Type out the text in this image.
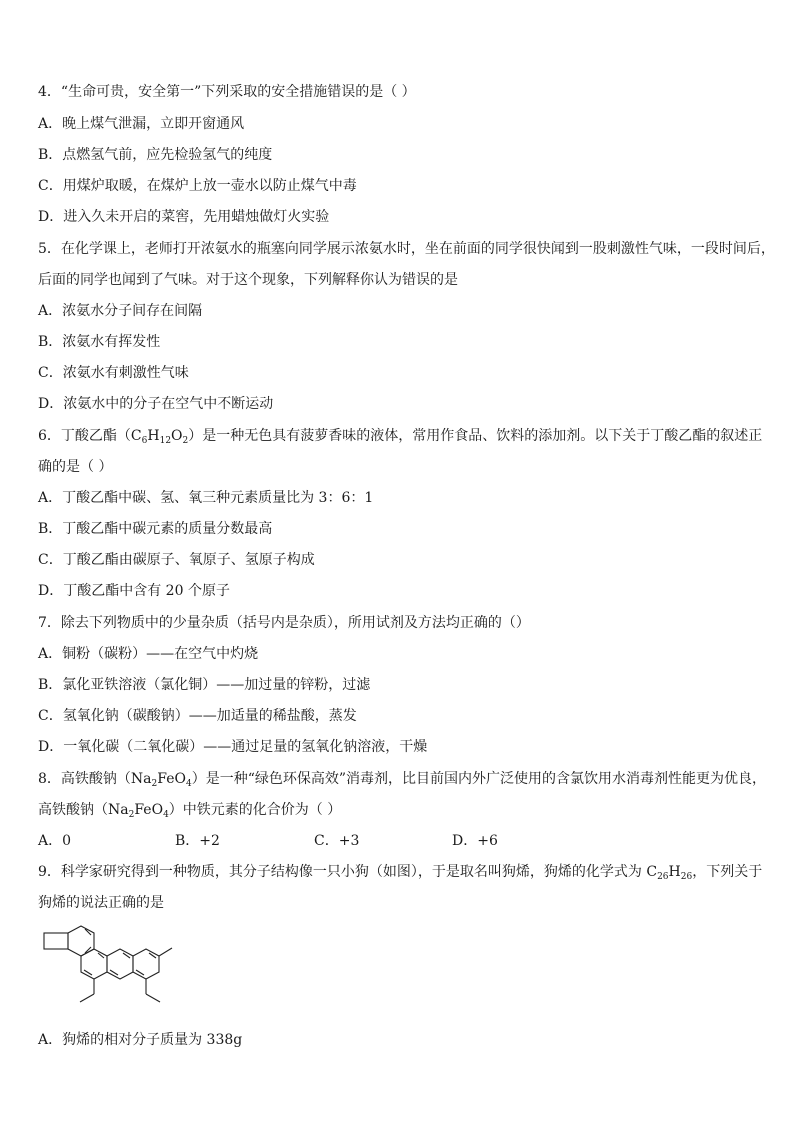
4．“生命可贵，安全第一”下列采取的安全措施错误的是（ ）
A．晚上煤气泄漏，立即开窗通风
B．点燃氢气前，应先检验氢气的纯度
C．用煤炉取暖，在煤炉上放一壶水以防止煤气中毒
D．进入久未开启的菜窖，先用蜡烛做灯火实验
5．在化学课上，老师打开浓氨水的瓶塞向同学展示浓氨水时，坐在前面的同学很快闻到一股刺激性气味，一段时间后，
后面的同学也闻到了气味。对于这个现象，下列解释你认为错误的是
A．浓氨水分子间存在间隔
B．浓氨水有挥发性
C．浓氨水有刺激性气味
D．浓氨水中的分子在空气中不断运动
6．丁酸乙酯$(C_6H_{12}O_2)$是一种无色具有菠萝香味的液体，常用作食品、饮料的添加剂。以下关于丁酸乙酯的叙述正
确的是（ ）
A．丁酸乙酯中碳、氢、氧三种元素质量比为 3：6：1
B．丁酸乙酯中碳元素的质量分数最高
C．丁酸乙酯由碳原子、氧原子、氢原子构成
D．丁酸乙酯中含有 20 个原子
7．除去下列物质中的少量杂质（括号内是杂质），所用试剂及方法均正确的（）
A．铜粉（碳粉）——在空气中灼烧
B．氯化亚铁溶液（氯化铜）——加过量的锌粉，过滤
C．氢氧化钠（碳酸钠）——加适量的稀盐酸，蒸发
D．一氧化碳（二氧化碳）——通过足量的氢氧化钠溶液，干燥
8．高铁酸钠$(Na_2FeO_4)$是一种“绿色环保高效”消毒剂，比目前国内外广泛使用的含氯饮用水消毒剂性能更为优良，
高铁酸钠$(Na_2FeO_4)$中铁元素的化合价为（ ）
A．0	B．+2	C．+3	D．+6
9．科学家研究得到一种物质，其分子结构像一只小狗（如图），于是取名叫狗烯，狗烯的化学式为 $C_{26}H_{26}$，下列关于
狗烯的说法正确的是
A．狗烯的相对分子质量为 338g
